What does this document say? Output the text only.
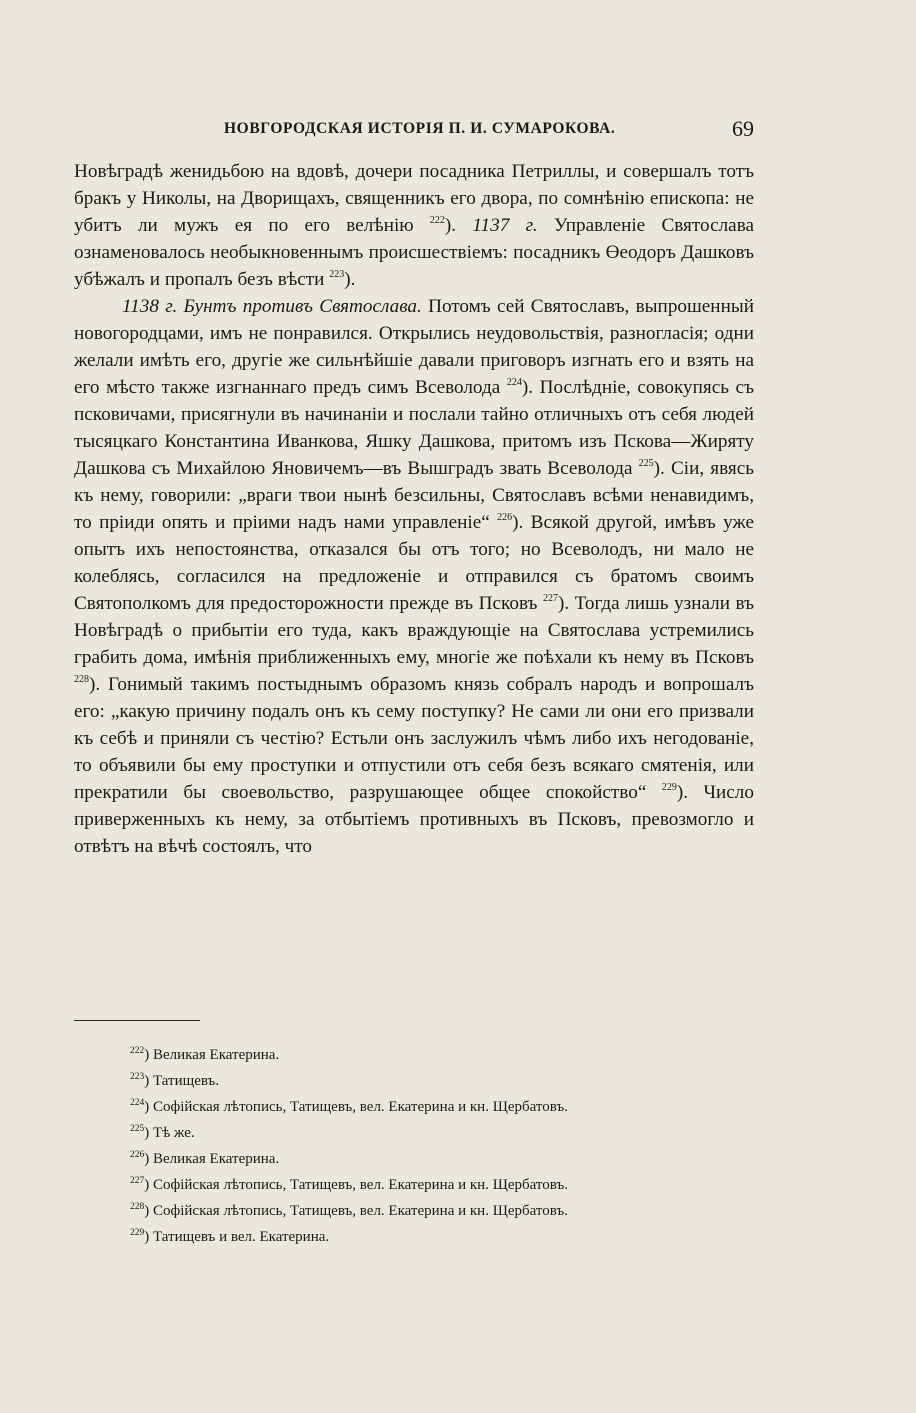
НОВГОРОДСКАЯ ИСТОРІЯ П. И. СУМАРОКОВА.	69

Новѣградѣ женидьбою на вдовѣ, дочери посадника Петриллы, и совершалъ тотъ бракъ у Николы, на Дворищахъ, священникъ его двора, по сомнѣнію епископа: не убитъ ли мужъ ея по его велѣнію $^{222}$). 1137 г. Управленіе Святослава ознаменовалось необыкновеннымъ происшествіемъ: посадникъ Өеодоръ Дашковъ убѣжалъ и пропалъ безъ вѣсти $^{223}$).

1138 г. Бунтъ противъ Святослава. Потомъ сей Святославъ, выпрошенный новогородцами, имъ не понравился. Открылись неудовольствія, разногласія; одни желали имѣть его, другіе же сильнѣйшіе давали приговоръ изгнать его и взять на его мѣсто также изгнаннаго предъ симъ Всеволода $^{224}$). Послѣдніе, совокупясь съ псковичами, присягнули въ начинаніи и послали тайно отличныхъ отъ себя людей тысяцкаго Константина Иванкова, Яшку Дашкова, притомъ изъ Пскова—Жиряту Дашкова съ Михайлою Яновичемъ—въ Вышградъ звать Всеволода $^{225}$). Сіи, явясь къ нему, говорили: „враги твои нынѣ безсильны, Святославъ всѣми ненавидимъ, то пріиди опять и пріими надъ нами управленіе“ $^{226}$). Всякой другой, имѣвъ уже опытъ ихъ непостоянства, отказался бы отъ того; но Всеволодъ, ни мало не колеблясь, согласился на предложеніе и отправился съ братомъ своимъ Святополкомъ для предосторожности прежде въ Псковъ $^{227}$). Тогда лишь узнали въ Новѣградѣ о прибытіи его туда, какъ враждующіе на Святослава устремились грабить дома, имѣнія приближенныхъ ему, многіе же поѣхали къ нему въ Псковъ $^{228}$). Гонимый такимъ постыднымъ образомъ князь собралъ народъ и вопрошалъ его: „какую причину подалъ онъ къ сему поступку? Не сами ли они его призвали къ себѣ и приняли съ честію? Естьли онъ заслужилъ чѣмъ либо ихъ негодованіе, то объявили бы ему проступки и отпустили отъ себя безъ всякаго смятенія, или прекратили бы своевольство, разрушающее общее спокойство“ $^{229}$). Число приверженныхъ къ нему, за отбытіемъ противныхъ въ Псковъ, превозмогло и отвѣтъ на вѣчѣ состоялъ, что

$^{222}$) Великая Екатерина.
$^{223}$) Татищевъ.
$^{224}$) Софійская лѣтопись, Татищевъ, вел. Екатерина и кн. Щербатовъ.
$^{225}$) Тѣ же.
$^{226}$) Великая Екатерина.
$^{227}$) Софійская лѣтопись, Татищевъ, вел. Екатерина и кн. Щербатовъ.
$^{228}$) Софійская лѣтопись, Татищевъ, вел. Екатерина и кн. Щербатовъ.
$^{229}$) Татищевъ и вел. Екатерина.
